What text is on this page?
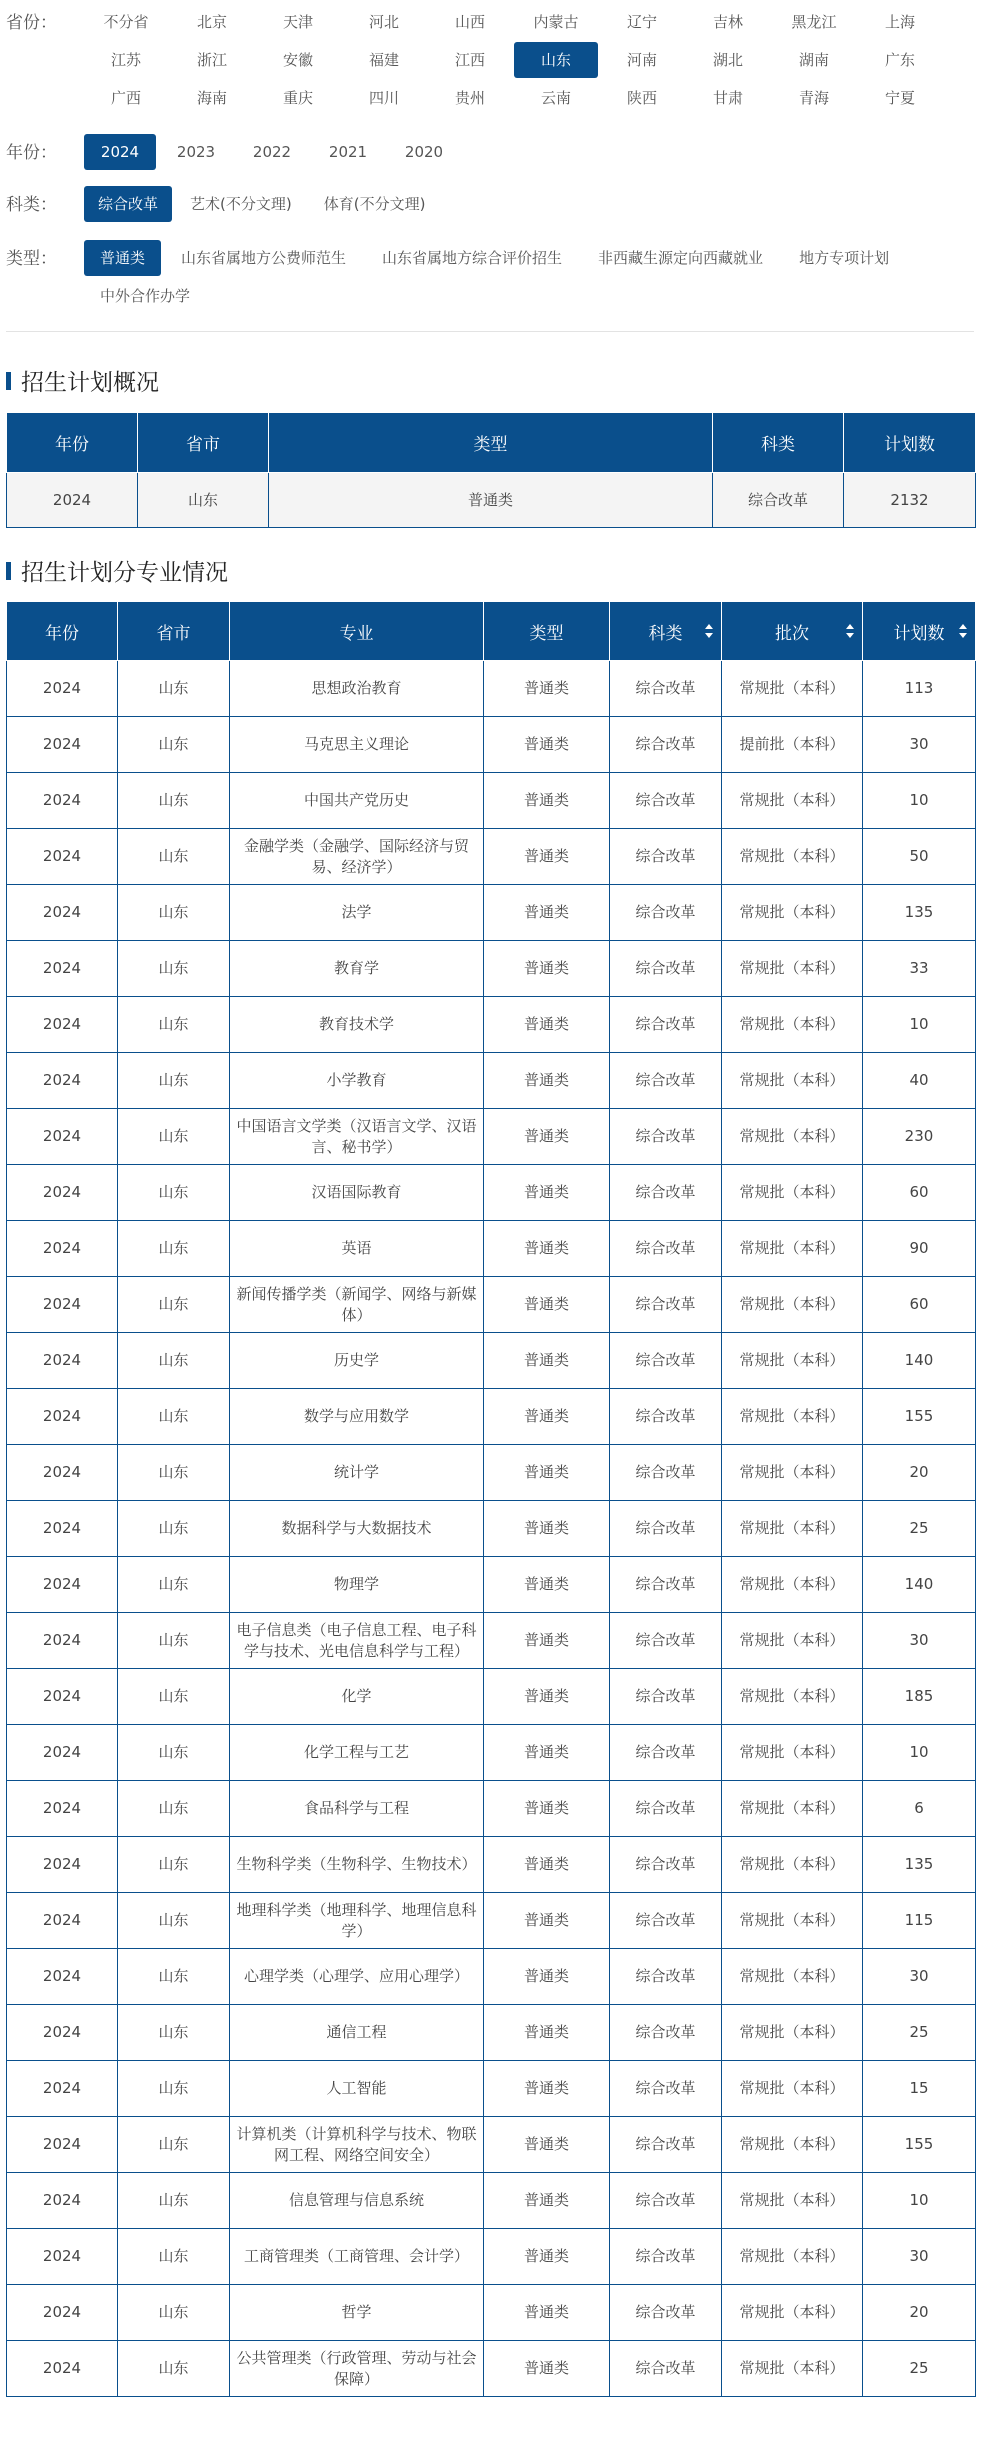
省份：	不分省	北京	天津	河北	山西	内蒙古	辽宁	吉林	黑龙江	上海
江苏	浙江	安徽	福建	江西	山东	河南	湖北	湖南	广东
广西	海南	重庆	四川	贵州	云南	陕西	甘肃	青海	宁夏
年份：	2024	2023	2022	2021	2020
科类：	综合改革	艺术(不分文理)	体育(不分文理)
类型：	普通类	山东省属地方公费师范生	山东省属地方综合评价招生	非西藏生源定向西藏就业	地方专项计划
中外合作办学
招生计划概况
年份	省市	类型	科类	计划数
2024	山东	普通类	综合改革	2132
招生计划分专业情况
年份	省市	专业	类型	科类	批次	计划数

2024	山东	思想政治教育	普通类	综合改革	常规批（本科）	113
2024	山东	马克思主义理论	普通类	综合改革	提前批（本科）	30
2024	山东	中国共产党历史	普通类	综合改革	常规批（本科）	10
2024	山东	金融学类（金融学、国际经济与贸易、经济学）	普通类	综合改革	常规批（本科）	50
2024	山东	法学	普通类	综合改革	常规批（本科）	135
2024	山东	教育学	普通类	综合改革	常规批（本科）	33
2024	山东	教育技术学	普通类	综合改革	常规批（本科）	10
2024	山东	小学教育	普通类	综合改革	常规批（本科）	40
2024	山东	中国语言文学类（汉语言文学、汉语言、秘书学）	普通类	综合改革	常规批（本科）	230
2024	山东	汉语国际教育	普通类	综合改革	常规批（本科）	60
2024	山东	英语	普通类	综合改革	常规批（本科）	90
2024	山东	新闻传播学类（新闻学、网络与新媒体）	普通类	综合改革	常规批（本科）	60
2024	山东	历史学	普通类	综合改革	常规批（本科）	140
2024	山东	数学与应用数学	普通类	综合改革	常规批（本科）	155
2024	山东	统计学	普通类	综合改革	常规批（本科）	20
2024	山东	数据科学与大数据技术	普通类	综合改革	常规批（本科）	25
2024	山东	物理学	普通类	综合改革	常规批（本科）	140
2024	山东	电子信息类（电子信息工程、电子科学与技术、光电信息科学与工程）	普通类	综合改革	常规批（本科）	30
2024	山东	化学	普通类	综合改革	常规批（本科）	185
2024	山东	化学工程与工艺	普通类	综合改革	常规批（本科）	10
2024	山东	食品科学与工程	普通类	综合改革	常规批（本科）	6
2024	山东	生物科学类（生物科学、生物技术）	普通类	综合改革	常规批（本科）	135
2024	山东	地理科学类（地理科学、地理信息科学）	普通类	综合改革	常规批（本科）	115
2024	山东	心理学类（心理学、应用心理学）	普通类	综合改革	常规批（本科）	30
2024	山东	通信工程	普通类	综合改革	常规批（本科）	25
2024	山东	人工智能	普通类	综合改革	常规批（本科）	15
2024	山东	计算机类（计算机科学与技术、物联网工程、网络空间安全）	普通类	综合改革	常规批（本科）	155
2024	山东	信息管理与信息系统	普通类	综合改革	常规批（本科）	10
2024	山东	工商管理类（工商管理、会计学）	普通类	综合改革	常规批（本科）	30
2024	山东	哲学	普通类	综合改革	常规批（本科）	20
2024	山东	公共管理类（行政管理、劳动与社会保障）	普通类	综合改革	常规批（本科）	25
